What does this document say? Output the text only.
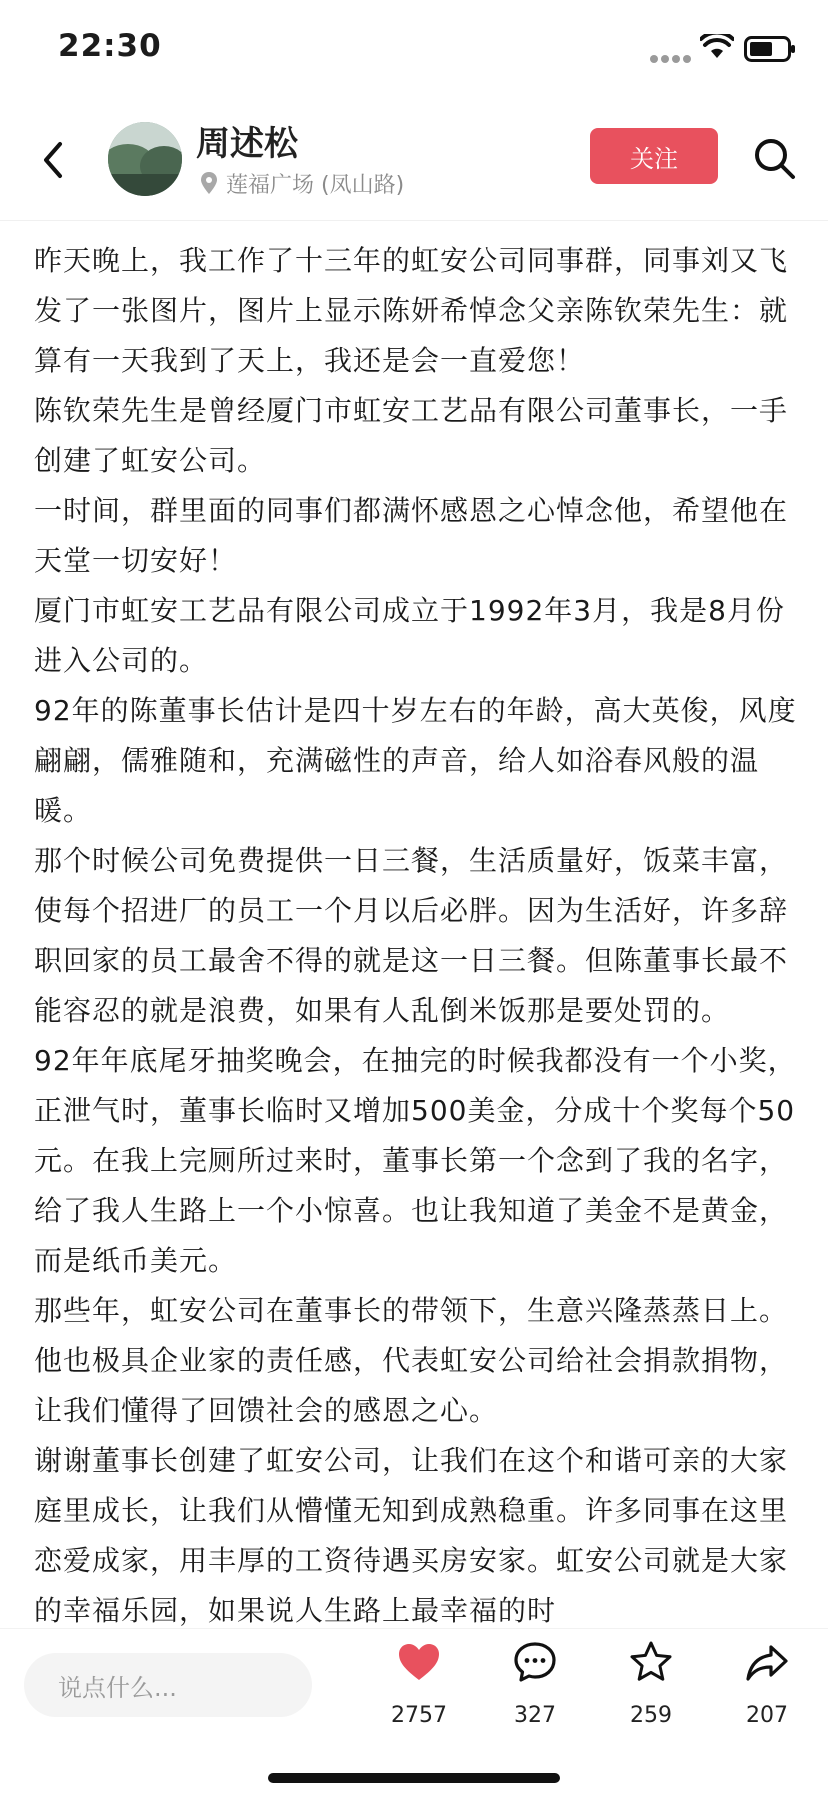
22:30
周述松
莲福广场 (凤山路)
关注

昨天晚上，我工作了十三年的虹安公司同事群，同事刘又飞发了一张图片，图片上显示陈妍希悼念父亲陈钦荣先生：就算有一天我到了天上，我还是会一直爱您！

陈钦荣先生是曾经厦门市虹安工艺品有限公司董事长，一手创建了虹安公司。

一时间，群里面的同事们都满怀感恩之心悼念他，希望他在天堂一切安好！

厦门市虹安工艺品有限公司成立于1992年3月，我是8月份进入公司的。

92年的陈董事长估计是四十岁左右的年龄，高大英俊，风度翩翩，儒雅随和，充满磁性的声音，给人如浴春风般的温暖。

那个时候公司免费提供一日三餐，生活质量好，饭菜丰富，使每个招进厂的员工一个月以后必胖。因为生活好，许多辞职回家的员工最舍不得的就是这一日三餐。但陈董事长最不能容忍的就是浪费，如果有人乱倒米饭那是要处罚的。

92年年底尾牙抽奖晚会，在抽完的时候我都没有一个小奖，正泄气时，董事长临时又增加500美金，分成十个奖每个50元。在我上完厕所过来时，董事长第一个念到了我的名字，给了我人生路上一个小惊喜。也让我知道了美金不是黄金，而是纸币美元。

那些年，虹安公司在董事长的带领下，生意兴隆蒸蒸日上。他也极具企业家的责任感，代表虹安公司给社会捐款捐物，让我们懂得了回馈社会的感恩之心。

谢谢董事长创建了虹安公司，让我们在这个和谐可亲的大家庭里成长，让我们从懵懂无知到成熟稳重。许多同事在这里恋爱成家，用丰厚的工资待遇买房安家。虹安公司就是大家的幸福乐园，如果说人生路上最幸福的时

说点什么...
2757	327	259	207
